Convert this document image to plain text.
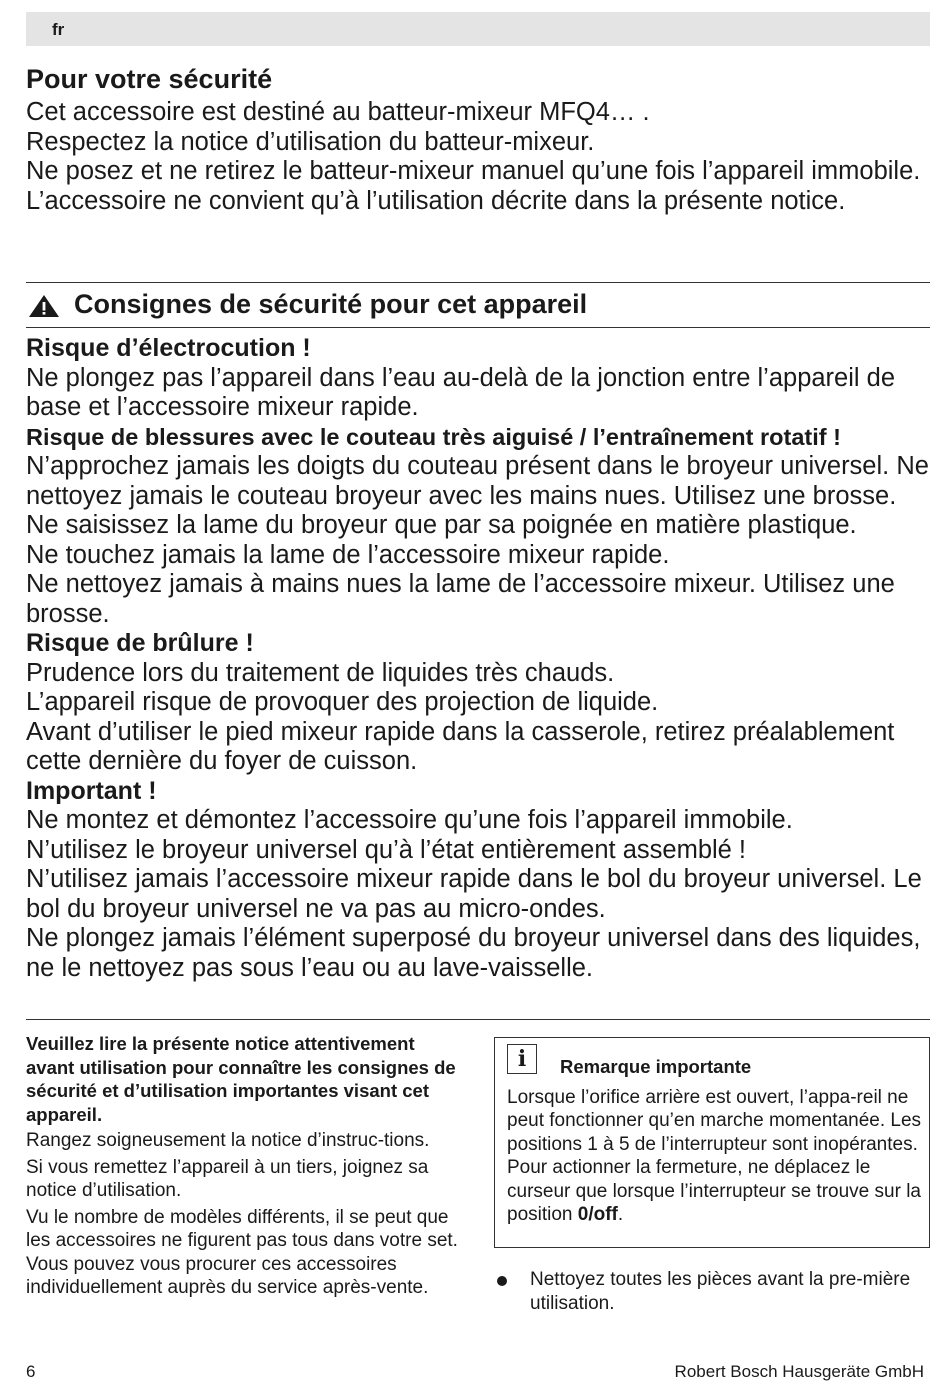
fr

Pour votre sécurité

Cet accessoire est destiné au batteur-mixeur MFQ4… .

Respectez la notice d’utilisation du batteur-mixeur.

Ne posez et ne retirez le batteur-mixeur manuel qu’une fois l’appareil immobile.

L’accessoire ne convient qu’à l’utilisation décrite dans la présente notice.

Consignes de sécurité pour cet appareil

Risque d’électrocution !

Ne plongez pas l’appareil dans l’eau au-delà de la jonction entre l’appareil de base et l’accessoire mixeur rapide.

Risque de blessures avec le couteau très aiguisé / l’entraînement rotatif !

N’approchez jamais les doigts du couteau présent dans le broyeur universel. Ne nettoyez jamais le couteau broyeur avec les mains nues. Utilisez une brosse. Ne saisissez la lame du broyeur que par sa poignée en matière plastique.

Ne touchez jamais la lame de l’accessoire mixeur rapide.

Ne nettoyez jamais à mains nues la lame de l’accessoire mixeur. Utilisez une brosse.

Risque de brûlure !

Prudence lors du traitement de liquides très chauds.

L’appareil risque de provoquer des projection de liquide.

Avant d’utiliser le pied mixeur rapide dans la casserole, retirez préalablement cette dernière du foyer de cuisson.

Important !

Ne montez et démontez l’accessoire qu’une fois l’appareil immobile.

N’utilisez le broyeur universel qu’à l’état entièrement assemblé !

N’utilisez jamais l’accessoire mixeur rapide dans le bol du broyeur universel. Le bol du broyeur universel ne va pas au micro-ondes.

Ne plongez jamais l’élément superposé du broyeur universel dans des liquides, ne le nettoyez pas sous l’eau ou au lave-vaisselle.

Veuillez lire la présente notice attentivement avant utilisation pour connaître les consignes de sécurité et d’utilisation importantes visant cet appareil.

Rangez soigneusement la notice d’instruc-tions.

Si vous remettez l’appareil à un tiers, joignez sa notice d’utilisation.

Vu le nombre de modèles différents, il se peut que les accessoires ne figurent pas tous dans votre set. Vous pouvez vous procurer ces accessoires individuellement auprès du service après-vente.

i	Remarque importante
Lorsque l’orifice arrière est ouvert, l’appa-reil ne peut fonctionner qu’en marche momentanée. Les positions 1 à 5 de l’interrupteur sont inopérantes. Pour actionner la fermeture, ne déplacez le curseur que lorsque l’interrupteur se trouve sur la position 0/off.
Nettoyez toutes les pièces avant la pre-mière utilisation.
6	Robert Bosch Hausgeräte GmbH
